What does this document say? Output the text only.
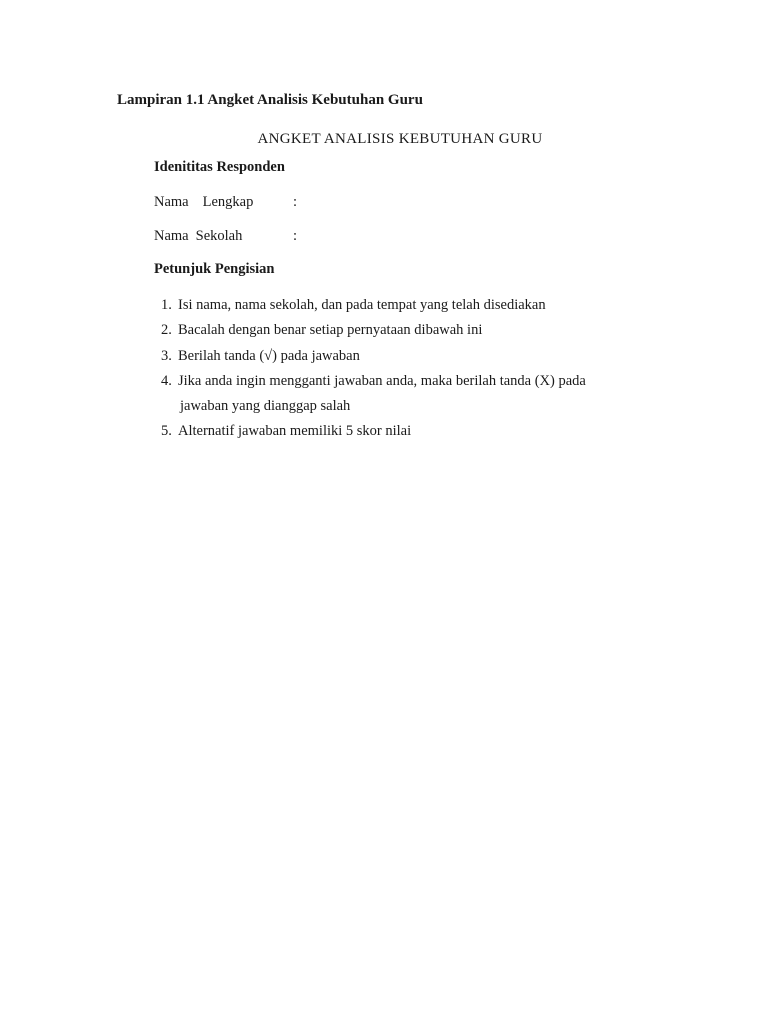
Lampiran 1.1 Angket Analisis Kebutuhan Guru
ANGKET ANALISIS KEBUTUHAN GURU
Idenititas Responden
Nama Lengkap	:
Nama Sekolah	:
Petunjuk Pengisian
1. Isi nama, nama sekolah, dan pada tempat yang telah disediakan
2. Bacalah dengan benar setiap pernyataan dibawah ini
3. Berilah tanda (√) pada jawaban
4. Jika anda ingin mengganti jawaban anda, maka berilah tanda (X) pada
jawaban yang dianggap salah
5. Alternatif jawaban memiliki 5 skor nilai
